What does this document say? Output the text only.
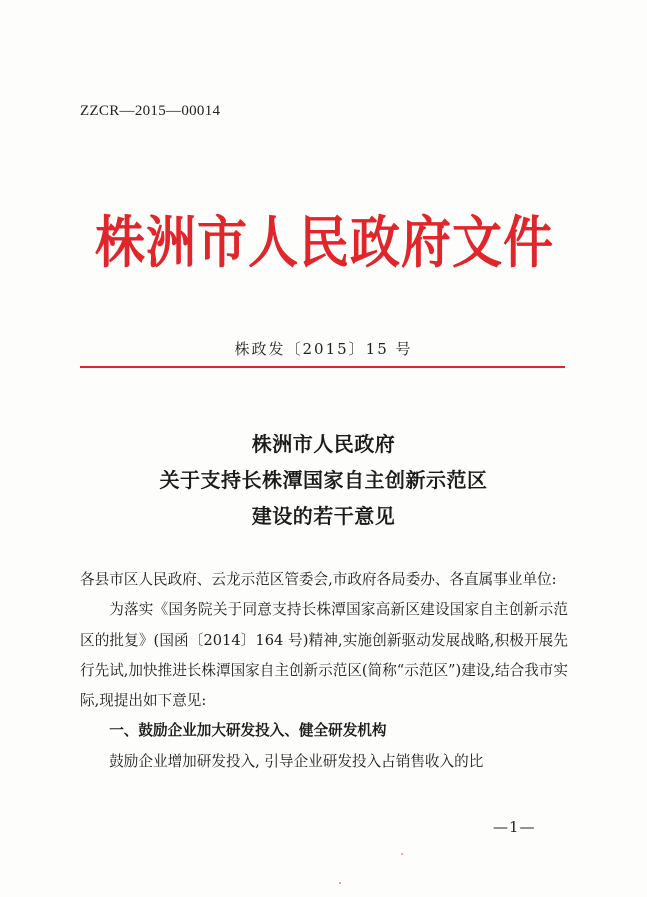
ZZCR—2015—00014
株洲市人民政府文件
株政发〔2015〕15 号
株洲市人民政府
关于支持长株潭国家自主创新示范区
建设的若干意见

各县市区人民政府、云龙示范区管委会,市政府各局委办、各直属事业单位:

为落实《国务院关于同意支持长株潭国家高新区建设国家自主创新示范区的批复》(国函〔2014〕164 号)精神,实施创新驱动发展战略,积极开展先行先试,加快推进长株潭国家自主创新示范区(简称“示范区”)建设,结合我市实际,现提出如下意见:

一、鼓励企业加大研发投入、健全研发机构

鼓励企业增加研发投入, 引导企业研发投入占销售收入的比

—1—
